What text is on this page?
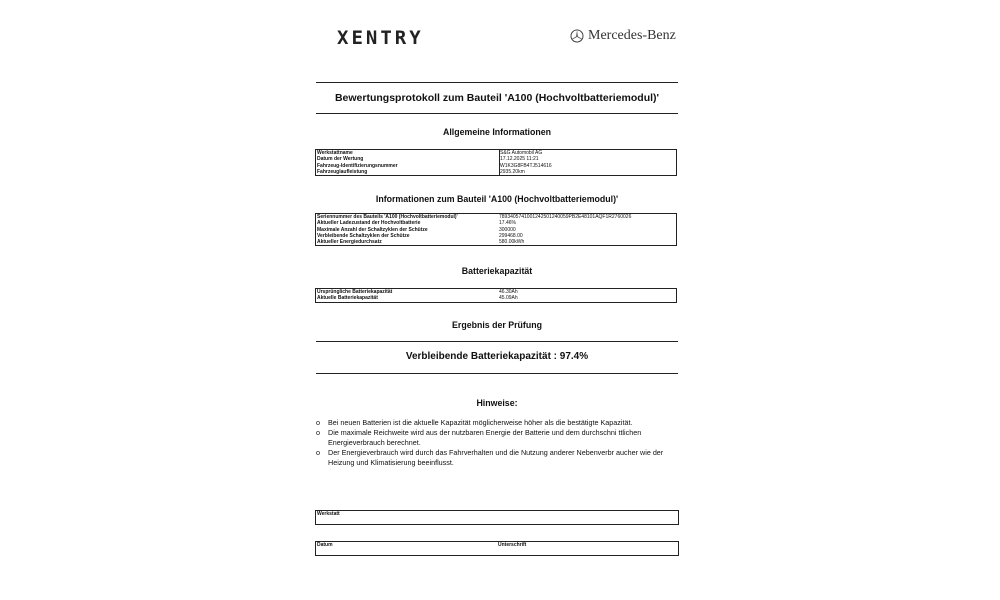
XENTRY	Mercedes-Benz
Bewertungsprotokoll zum Bauteil 'A100 (Hochvoltbatteriemodul)'
Allgemeine Informationen
Werkstattname	S&G Automobil AG
Datum der Wertung	17.12.2025 11:21
Fahrzeug-Identifizierungsnummer	W1K3G8FB4TJ514616
Fahrzeuglaufleistung	2935.20km
Informationen zum Bauteil 'A100 (Hochvoltbatteriemodul)'
Seriennummer des Bauteils 'A100 (Hochvoltbatteriemodul)'	7893405741001242501240059PB2E48101AQF1R2760026
Aktueller Ladezustand der Hochvoltbatterie	17.46%
Maximale Anzahl der Schaltzyklen der Schütze	300000
Verbleibende Schaltzyklen der Schütze	299468.00
Aktueller Energiedurchsatz	580.00kWh
Batteriekapazität
Ursprüngliche Batteriekapazität	46.30Ah
Aktuelle Batteriekapazität	45.09Ah
Ergebnis der Prüfung
Verbleibende Batteriekapazität : 97.4%
Hinweise:
o Bei neuen Batterien ist die aktuelle Kapazität möglicherweise höher als die bestätigte Kapazität.
o Die maximale Reichweite wird aus der nutzbaren Energie der Batterie und dem durchschni ttlichen Energieverbrauch berechnet.
o Der Energieverbrauch wird durch das Fahrverhalten und die Nutzung anderer Nebenverbr aucher wie der Heizung und Klimatisierung beeinflusst.
Werkstatt
Datum	Unterschrift
